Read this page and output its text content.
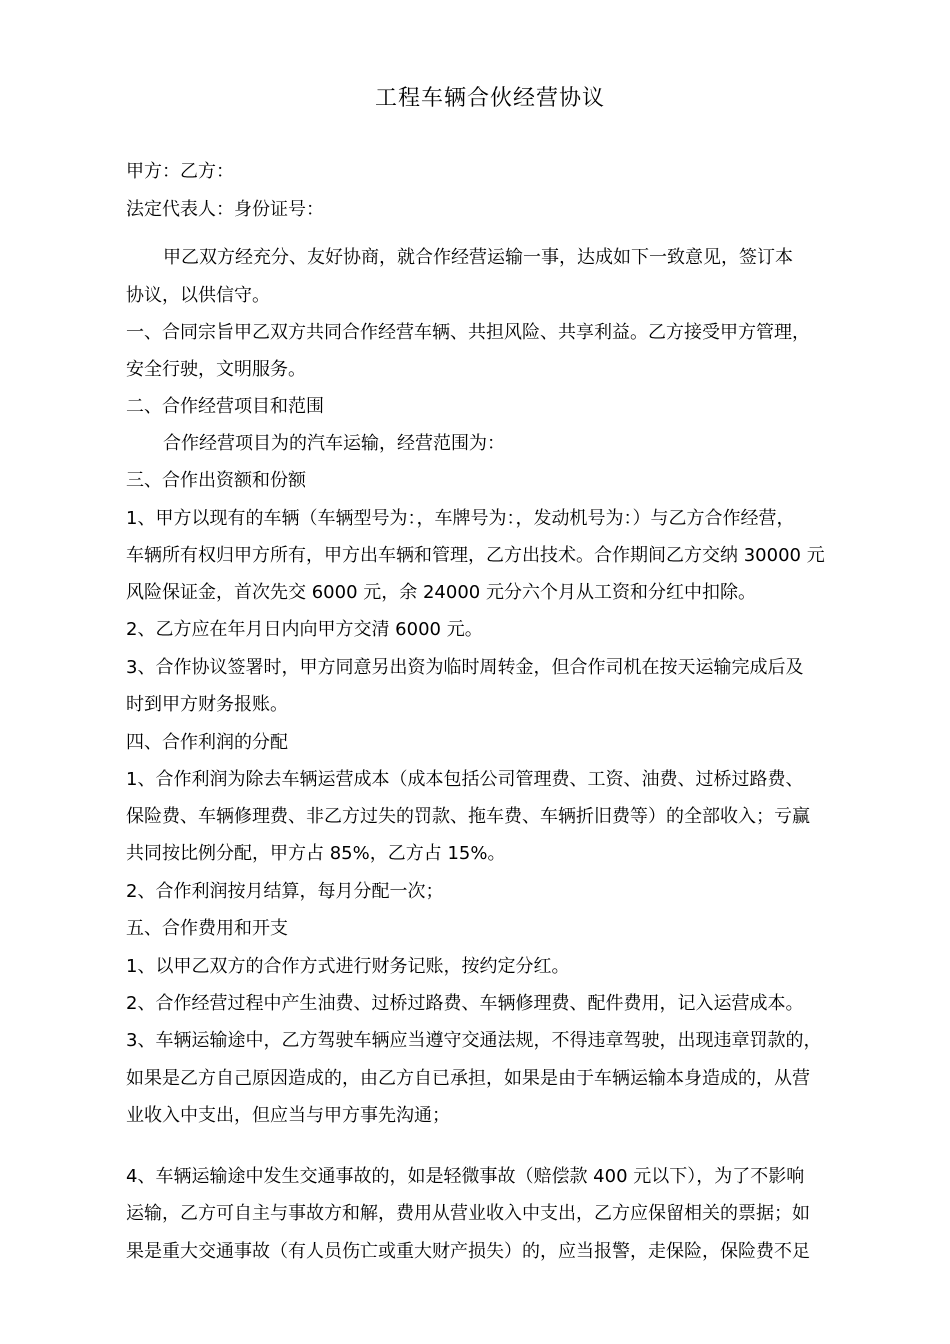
工程车辆合伙经营协议
甲方：乙方：
法定代表人：身份证号：
甲乙双方经充分、友好协商，就合作经营运输一事，达成如下一致意见，签订本
协议，以供信守。
一、合同宗旨甲乙双方共同合作经营车辆、共担风险、共享利益。乙方接受甲方管理，
安全行驶，文明服务。
二、合作经营项目和范围
合作经营项目为的汽车运输，经营范围为：
三、合作出资额和份额
1、甲方以现有的车辆（车辆型号为：，车牌号为：，发动机号为：）与乙方合作经营，
车辆所有权归甲方所有，甲方出车辆和管理，乙方出技术。合作期间乙方交纳 30000 元
风险保证金，首次先交 6000 元，余 24000 元分六个月从工资和分红中扣除。
2、乙方应在年月日内向甲方交清 6000 元。
3、合作协议签署时，甲方同意另出资为临时周转金，但合作司机在按天运输完成后及
时到甲方财务报账。
四、合作利润的分配
1、合作利润为除去车辆运营成本（成本包括公司管理费、工资、油费、过桥过路费、
保险费、车辆修理费、非乙方过失的罚款、拖车费、车辆折旧费等）的全部收入；亏赢
共同按比例分配，甲方占 85%，乙方占 15%。
2、合作利润按月结算，每月分配一次；
五、合作费用和开支
1、以甲乙双方的合作方式进行财务记账，按约定分红。
2、合作经营过程中产生油费、过桥过路费、车辆修理费、配件费用，记入运营成本。
3、车辆运输途中，乙方驾驶车辆应当遵守交通法规，不得违章驾驶，出现违章罚款的，
如果是乙方自己原因造成的，由乙方自已承担，如果是由于车辆运输本身造成的，从营
业收入中支出，但应当与甲方事先沟通；
4、车辆运输途中发生交通事故的，如是轻微事故（赔偿款 400 元以下），为了不影响
运输，乙方可自主与事故方和解，费用从营业收入中支出，乙方应保留相关的票据；如
果是重大交通事故（有人员伤亡或重大财产损失）的，应当报警，走保险，保险费不足
